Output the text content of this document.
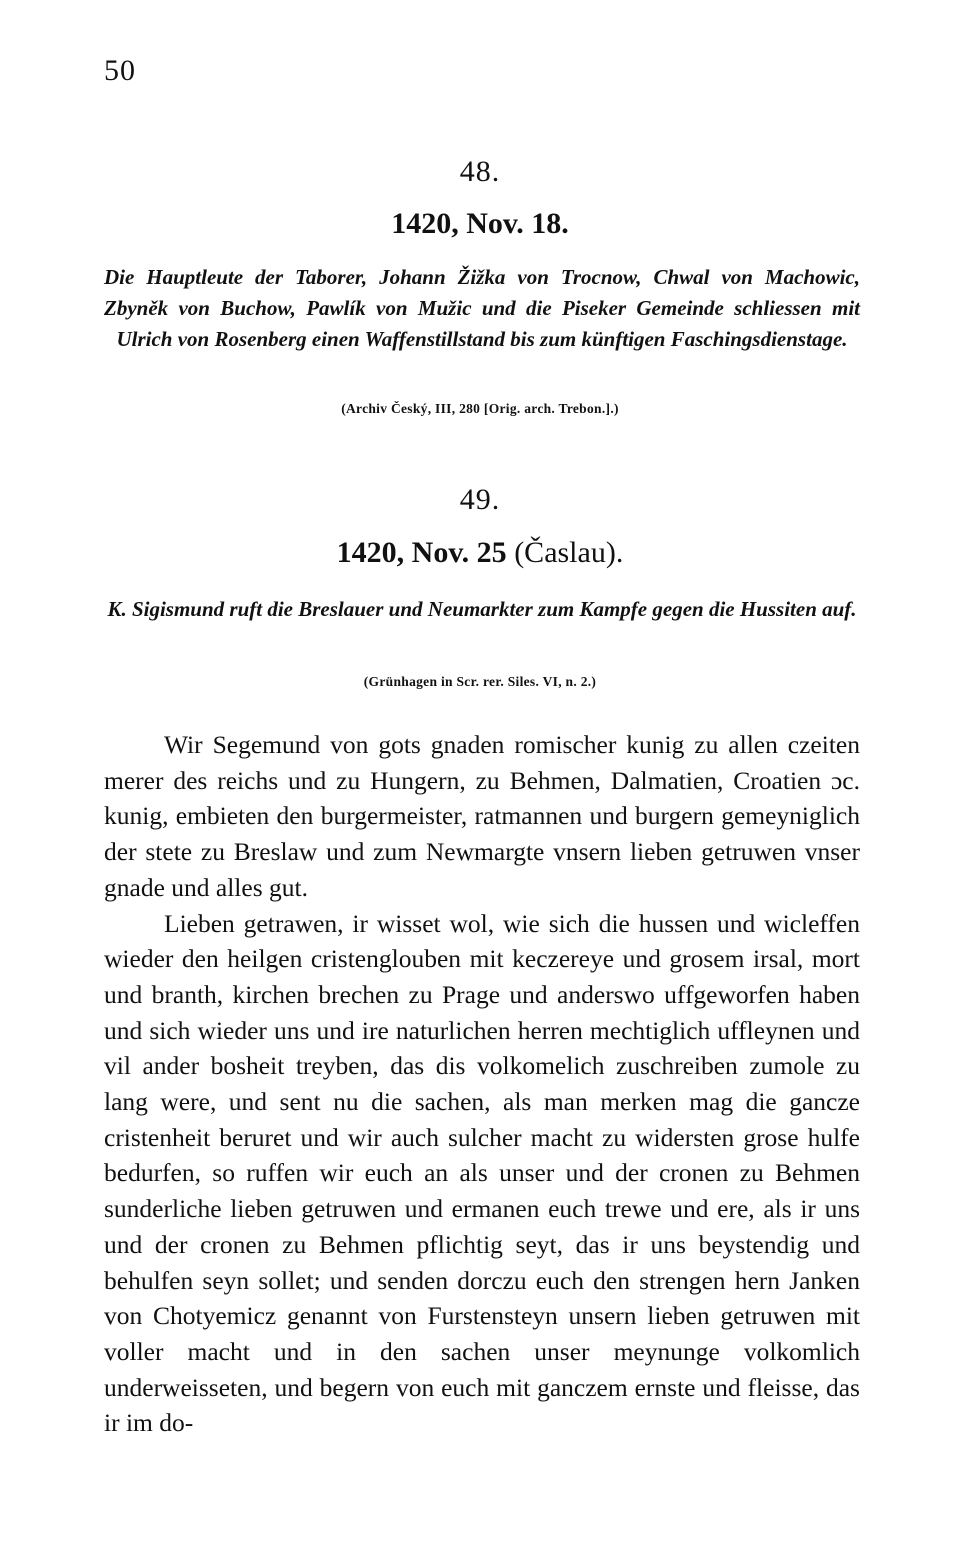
50
48.
1420, Nov. 18.
Die Hauptleute der Taborer, Johann Žižka von Trocnow, Chwal von Machowic, Zbyněk von Buchow, Pawlík von Mužic und die Piseker Gemeinde schliessen mit Ulrich von Rosenberg einen Waffenstillstand bis zum künftigen Faschingsdienstage.
(Archiv Český, III, 280 [Orig. arch. Trebon.].)
49.
1420, Nov. 25 (Časlau).
K. Sigismund ruft die Breslauer und Neumarkter zum Kampfe gegen die Hussiten auf.
(Grünhagen in Scr. rer. Siles. VI, n. 2.)

Wir Segemund von gots gnaden romischer kunig zu allen czeiten merer des reichs und zu Hungern, zu Behmen, Dalmatien, Croatien ɔc. kunig, embieten den burgermeister, ratmannen und burgern gemeyniglich der stete zu Breslaw und zum Newmargte vnsern lieben getruwen vnser gnade und alles gut.

Lieben getrawen, ir wisset wol, wie sich die hussen und wicleffen wieder den heilgen cristenglouben mit keczereye und grosem irsal, mort und branth, kirchen brechen zu Prage und anderswo uffgeworfen haben und sich wieder uns und ire naturlichen herren mechtiglich uffleynen und vil ander bosheit treyben, das dis volkomelich zuschreiben zumole zu lang were, und sent nu die sachen, als man merken mag die gancze cristenheit beruret und wir auch sulcher macht zu widersten grose hulfe bedurfen, so ruffen wir euch an als unser und der cronen zu Behmen sunderliche lieben getruwen und ermanen euch trewe und ere, als ir uns und der cronen zu Behmen pflichtig seyt, das ir uns beystendig und behulfen seyn sollet; und senden dorczu euch den strengen hern Janken von Chotyemicz genannt von Furstensteyn unsern lieben getruwen mit voller macht und in den sachen unser meynunge volkomlich underweisseten, und begern von euch mit ganczem ernste und fleisse, das ir im do-
